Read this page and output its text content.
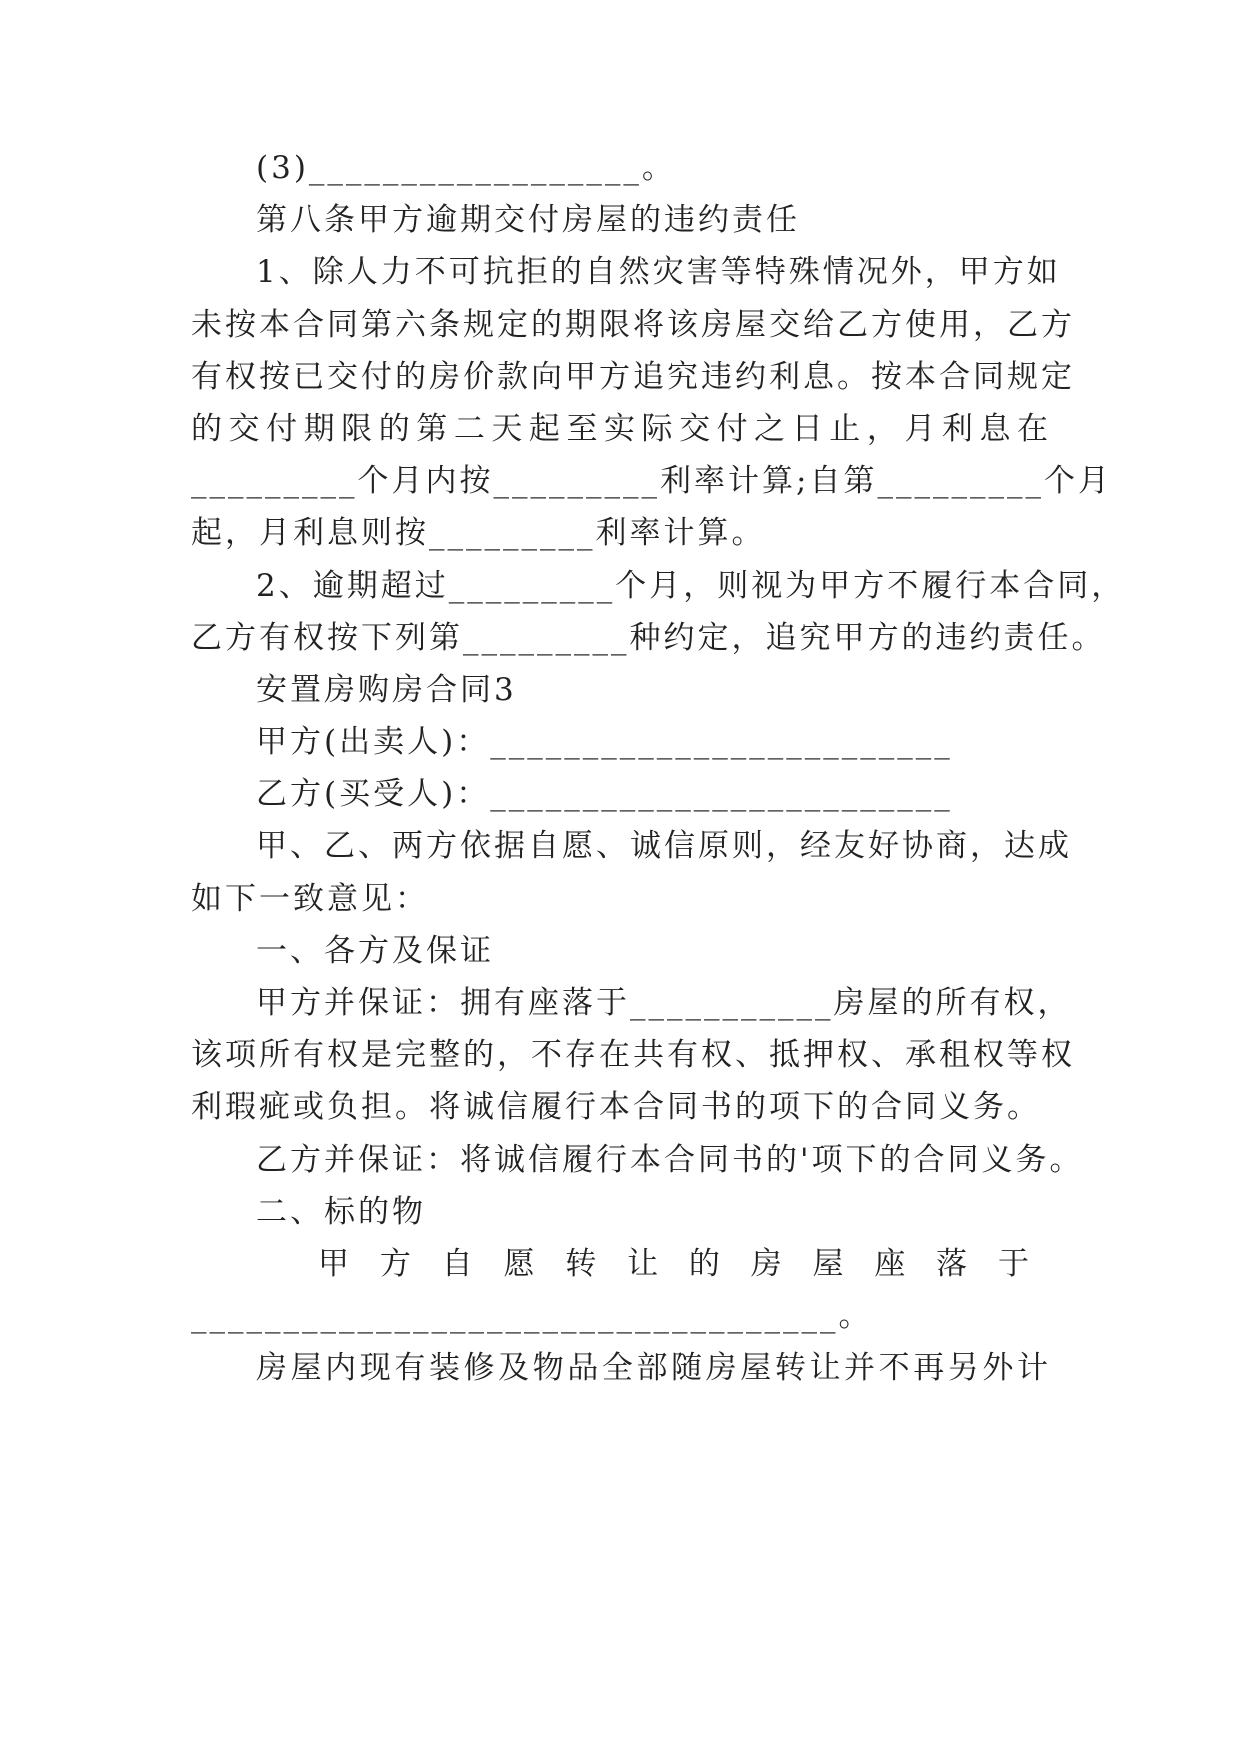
(3)__________________。
第八条甲方逾期交付房屋的违约责任
1、除人力不可抗拒的自然灾害等特殊情况外，甲方如
未按本合同第六条规定的期限将该房屋交给乙方使用，乙方
有权按已交付的房价款向甲方追究违约利息。按本合同规定
的交付期限的第二天起至实际交付之日止，月利息在
_________个月内按_________利率计算;自第_________个月
起，月利息则按_________利率计算。
2、逾期超过_________个月，则视为甲方不履行本合同，
乙方有权按下列第_________种约定，追究甲方的违约责任。
安置房购房合同3
甲方(出卖人)：_________________________
乙方(买受人)：_________________________
甲、乙、两方依据自愿、诚信原则，经友好协商，达成
如下一致意见：
一、各方及保证
甲方并保证：拥有座落于___________房屋的所有权，
该项所有权是完整的，不存在共有权、抵押权、承租权等权
利瑕疵或负担。将诚信履行本合同书的项下的合同义务。
乙方并保证：将诚信履行本合同书的'项下的合同义务。
二、标的物
甲方自愿转让的房屋座落于
___________________________________。
房屋内现有装修及物品全部随房屋转让并不再另外计
